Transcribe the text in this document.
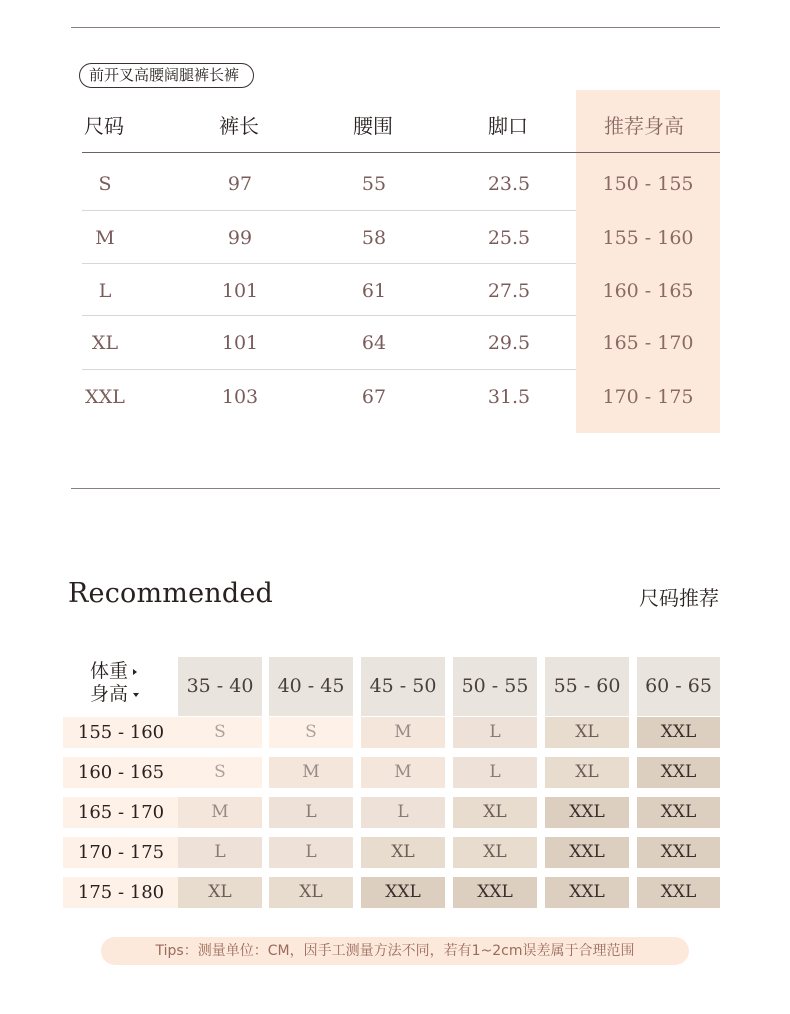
前开叉高腰阔腿裤长裤
尺码	裤长	腰围	脚口	推荐身高
S	97	55	23.5	150 - 155
M	99	58	25.5	155 - 160
L	101	61	27.5	160 - 165
XL	101	64	29.5	165 - 170
XXL	103	67	31.5	170 - 175
Recommended	尺码推荐
体重
身高	35 - 40	40 - 45	45 - 50	50 - 55	55 - 60	60 - 65
155 - 160	S	S	M	L	XL	XXL
160 - 165	S	M	M	L	XL	XXL
165 - 170	M	L	L	XL	XXL	XXL
170 - 175	L	L	XL	XL	XXL	XXL
175 - 180	XL	XL	XXL	XXL	XXL	XXL
Tips：测量单位：CM，因手工测量方法不同，若有1~2cm误差属于合理范围
